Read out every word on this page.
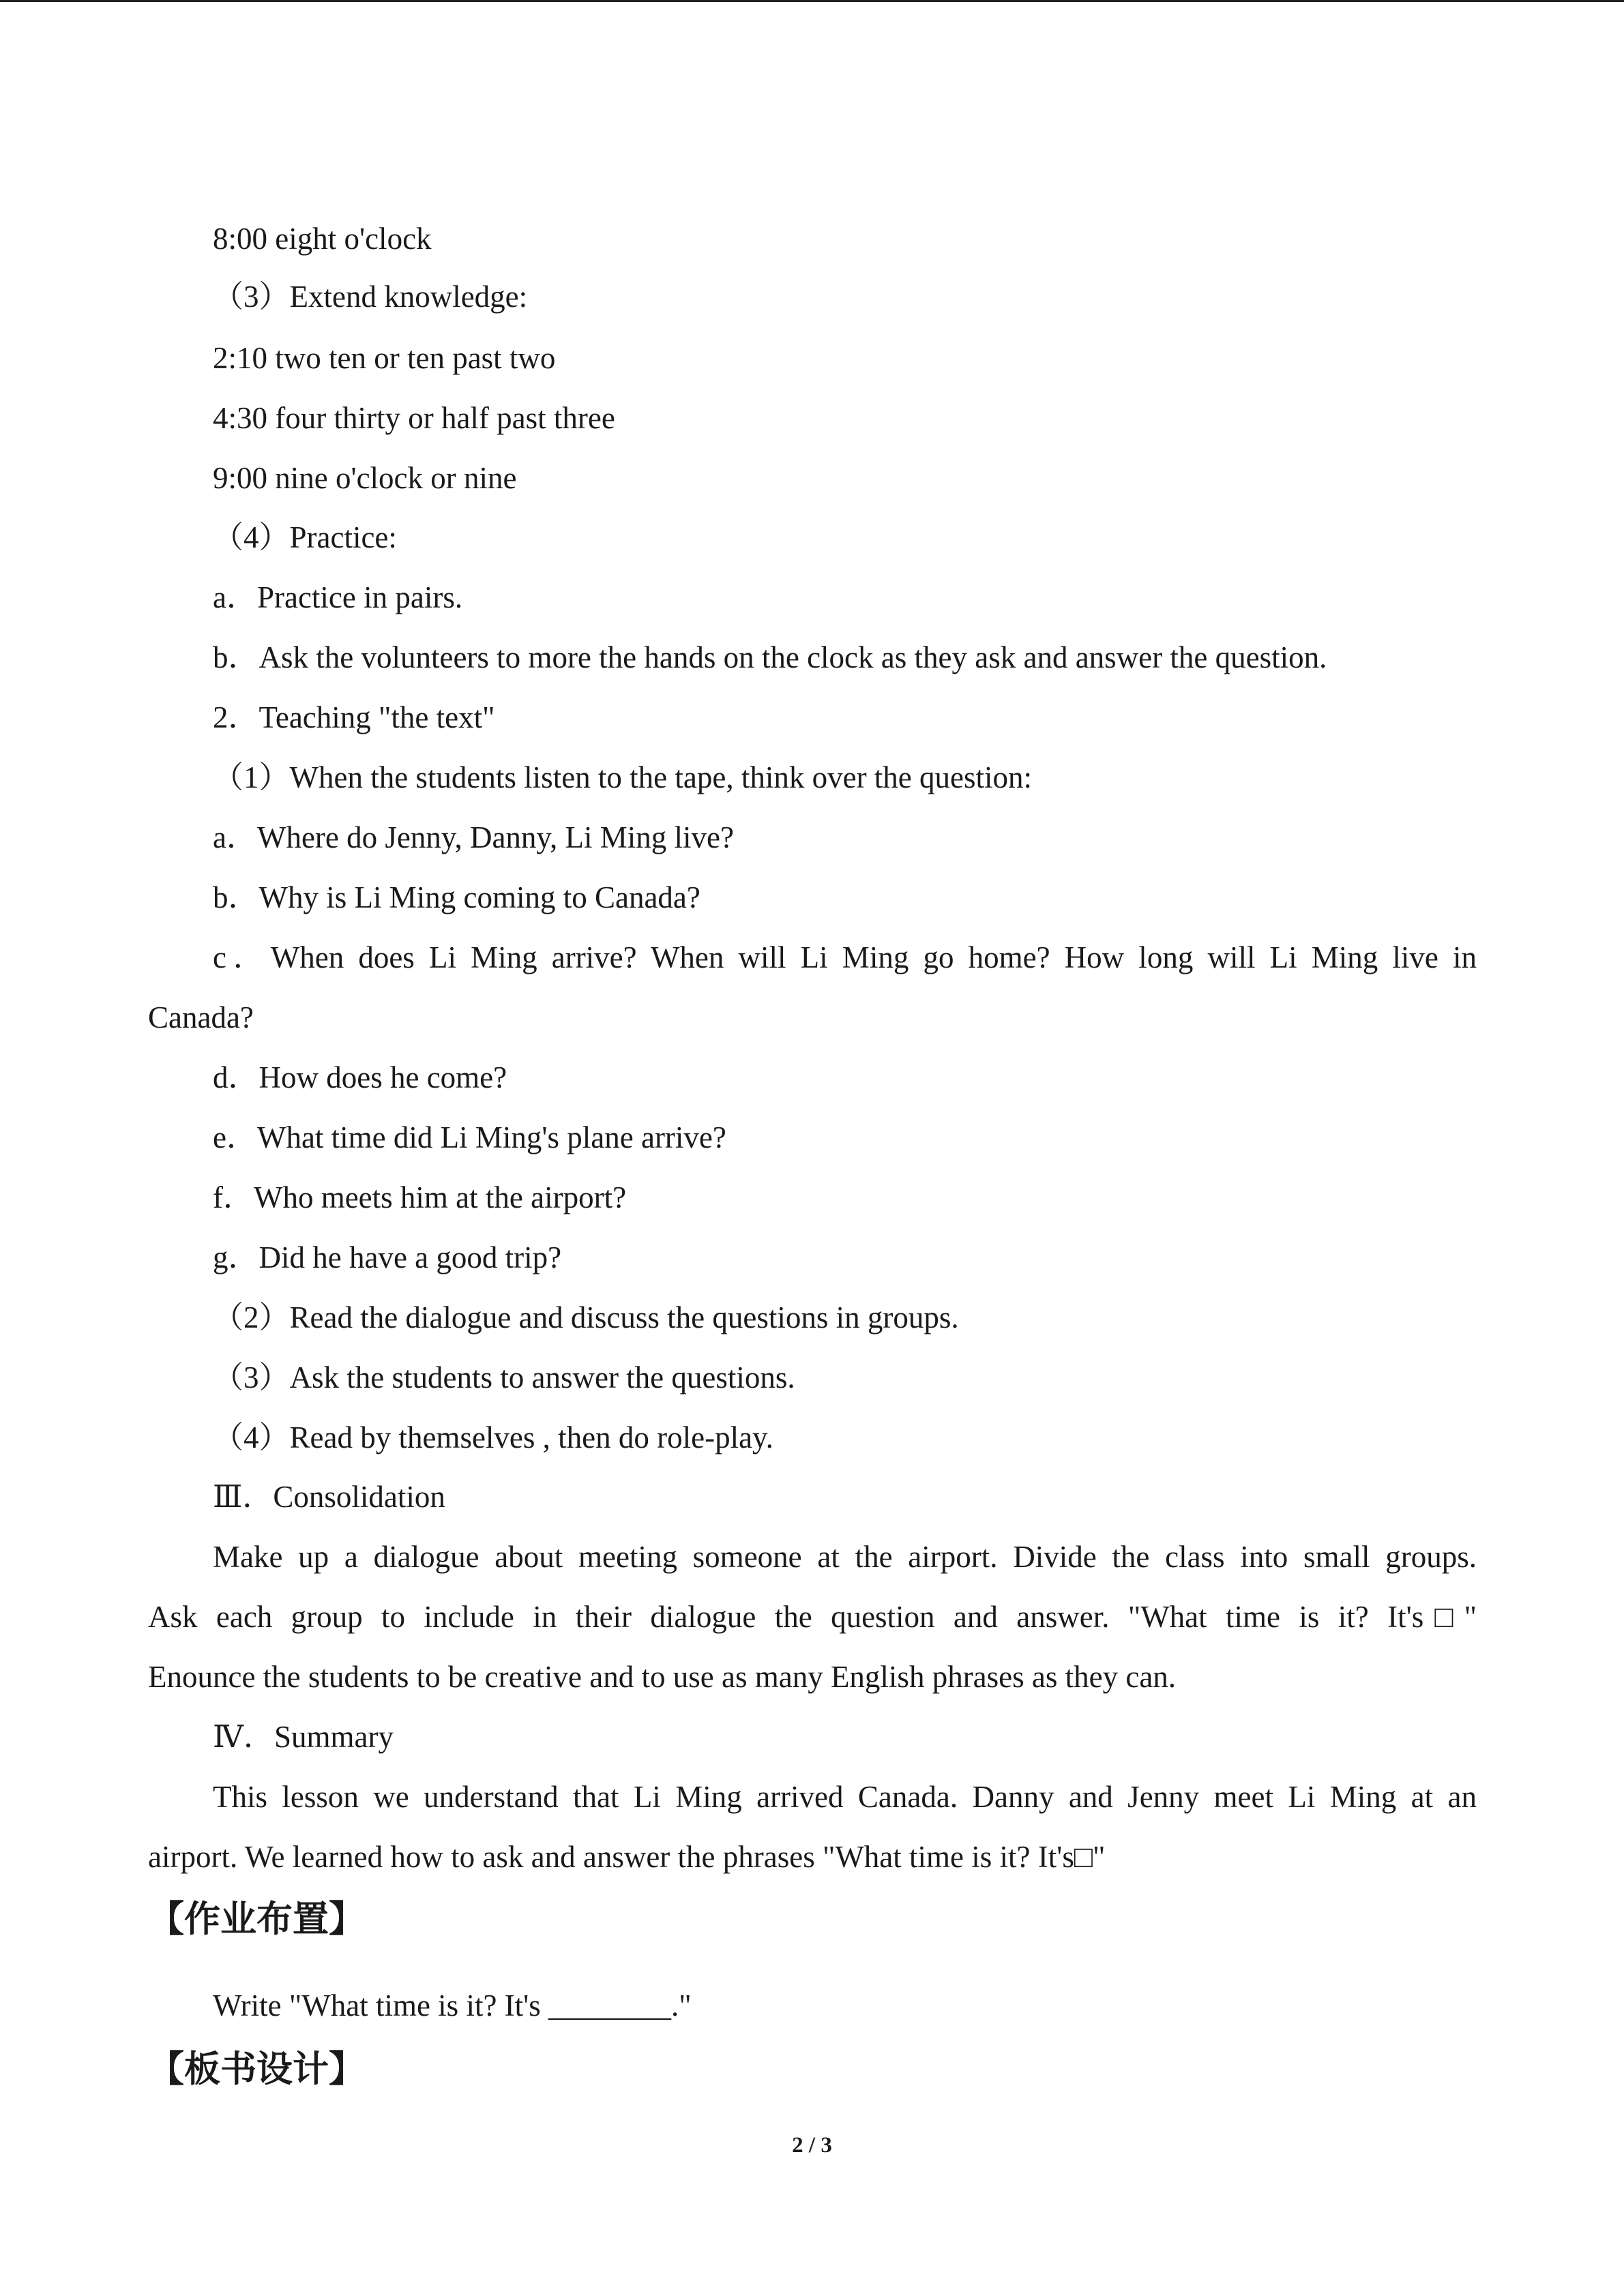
8:00 eight o'clock
（3）Extend knowledge:
2:10 two ten or ten past two
4:30 four thirty or half past three
9:00 nine o'clock or nine
（4）Practice:
a．Practice in pairs.
b．Ask the volunteers to more the hands on the clock as they ask and answer the question.
2．Teaching "the text"
（1）When the students listen to the tape, think over the question:
a．Where do Jenny, Danny, Li Ming live?
b．Why is Li Ming coming to Canada?
c．When does Li Ming arrive? When will Li Ming go home? How long will Li Ming live in
Canada?
d．How does he come?
e．What time did Li Ming's plane arrive?
f．Who meets him at the airport?
g．Did he have a good trip?
（2）Read the dialogue and discuss the questions in groups.
（3）Ask the students to answer the questions.
（4）Read by themselves , then do role-play.
Ⅲ．Consolidation
Make up a dialogue about meeting someone at the airport. Divide the class into small groups.
Ask each group to include in their dialogue the question and answer. "What time is it? It's□"
Enounce the students to be creative and to use as many English phrases as they can.
Ⅳ．Summary
This lesson we understand that Li Ming arrived Canada. Danny and Jenny meet Li Ming at an
airport. We learned how to ask and answer the phrases "What time is it? It's□"
【作业布置】
Write "What time is it? It's ________."
【板书设计】
2 / 3
